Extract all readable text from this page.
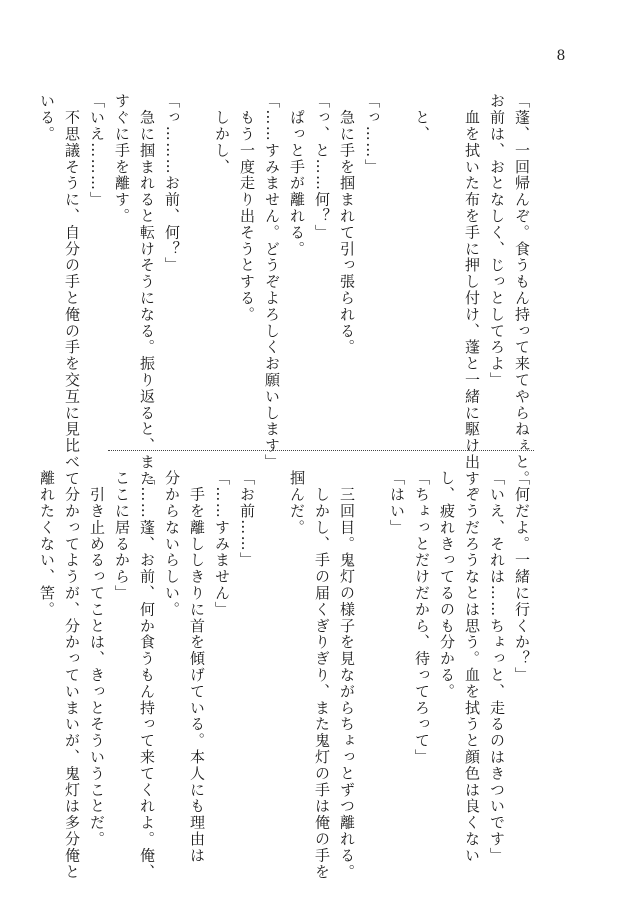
8
「蓬、一回帰んぞ。食うもん持って来てやらねぇと。
お前は、おとなしく、じっとしてろよ」
　血を拭いた布を手に押し付け、蓬と一緒に駆け出す。

　と、

「っ……」
　急に手を掴まれて引っ張られる。
「っ、と……何？」
　ぱっと手が離れる。
「……すみません。どうぞよろしくお願いします」
　もう一度走り出そうとする。
　しかし、

「っ………お前、何？」
　急に掴まれると転けそうになる。振り返ると、また
すぐに手を離す。
「いえ………」
　不思議そうに、自分の手と俺の手を交互に見比べて
いる。
「何だよ。一緒に行くか？」
「いえ、それは……ちょっと、走るのはきついです」
　そうだろうなとは思う。血を拭うと顔色は良くない
し、疲れきってるのも分かる。
「ちょっとだけだから、待ってろって」
「はい」

　三回目。鬼灯の様子を見ながらちょっとずつ離れる。
　しかし、手の届くぎりぎり、また鬼灯の手は俺の手を
掴んだ。

「お前……」
「……すみません」
　手を離ししきりに首を傾げている。本人にも理由は
分からないらしい。
「……蓬、お前、何か食うもん持って来てくれよ。俺、
ここに居るから」
　引き止めるってことは、きっとそういうことだ。
　分かってようが、分かっていまいが、鬼灯は多分俺と
離れたくない、筈。
